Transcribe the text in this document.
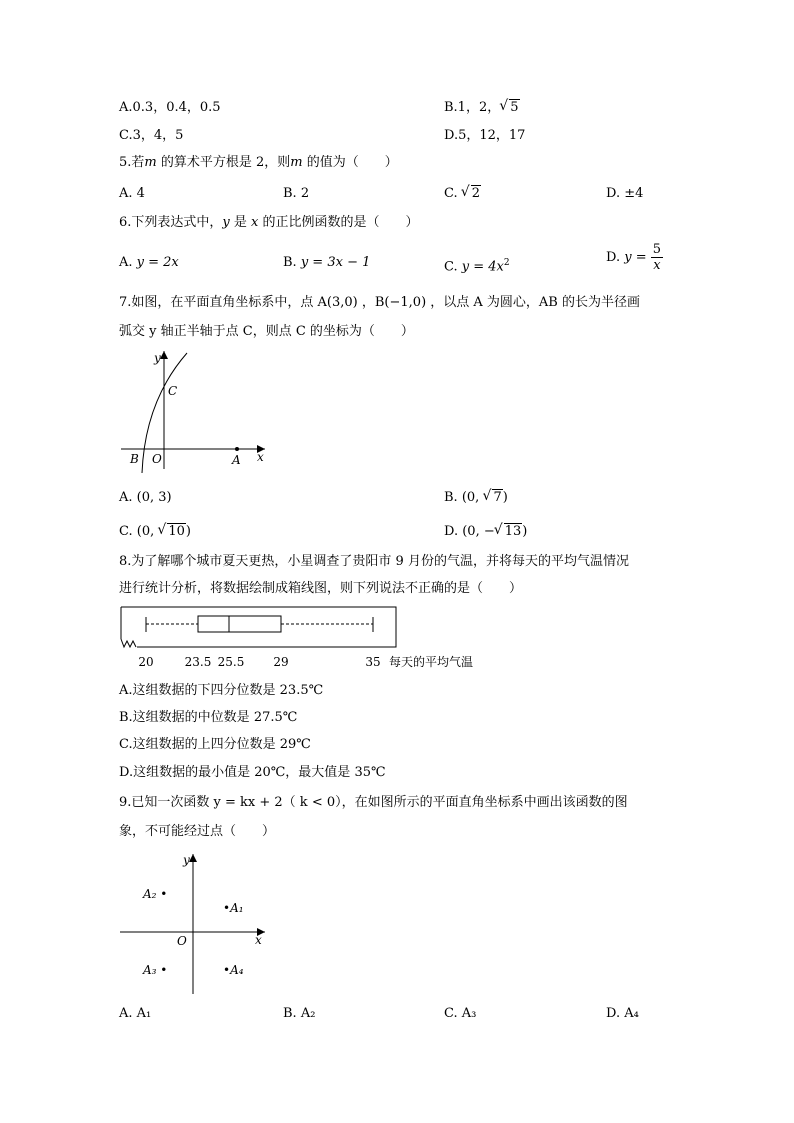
A.0.3，0.4，0.5	B.1，2， √ 5
C.3，4，5	D.5，12，17
5.若m 的算术平方根是 2，则m 的值为（　　）
A. 4	B. 2	C. √ 2	D. ±4
6.下列表达式中，y 是 x 的正比例函数的是（　　）
A. y = 2x	B. y = 3x − 1	C. $y = 4x^2$	D. $y = \frac{5}{x}$
7.如图，在平面直角坐标系中，点 A(3,0) ，B(−1,0) ，以点 A 为圆心，AB 的长为半径画
弧交 y 轴正半轴于点 C，则点 C 的坐标为（　　）
y
C
B O	A x
A. (0, 3)	B. (0, √ 7)
C. (0, √ 10)	D. (0, − √ 13)
8.为了解哪个城市夏天更热，小星调查了贵阳市 9 月份的气温，并将每天的平均气温情况
进行统计分析，将数据绘制成箱线图，则下列说法不正确的是（　　）
20	23.5 25.5 29	35 每天的平均气温
A.这组数据的下四分位数是 23.5℃
B.这组数据的中位数是 27.5℃
C.这组数据的上四分位数是 29℃
D.这组数据的最小值是 20℃，最大值是 35℃
9.已知一次函数 y = kx + 2（ k < 0），在如图所示的平面直角坐标系中画出该函数的图
象，不可能经过点（　　）
y
x
O
A₂ •
•A₁
A₃ •	•A₄
A. A₁	B. A₂	C. A₃	D. A₄
